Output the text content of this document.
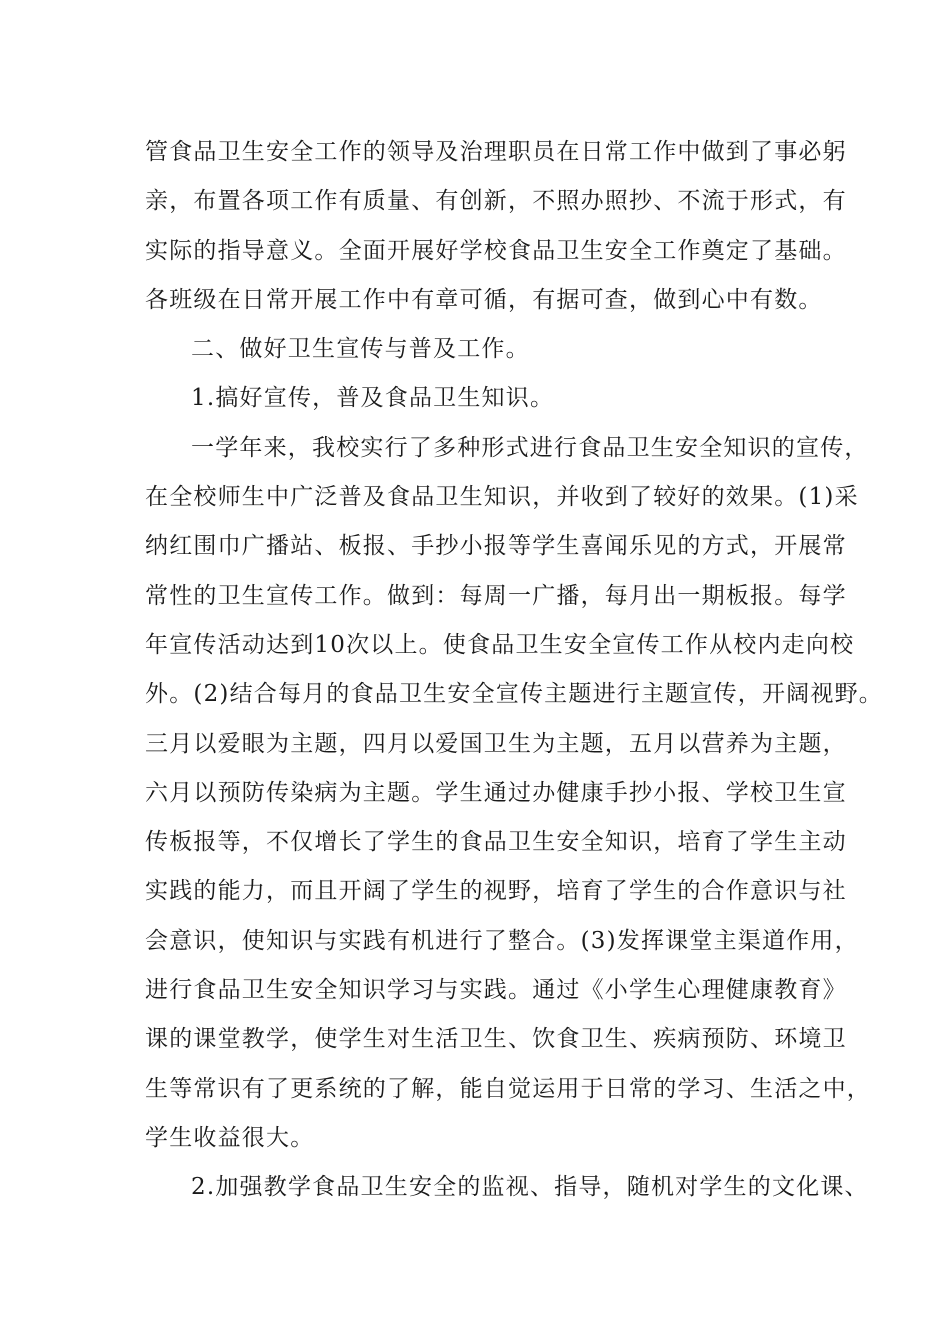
管食品卫生安全工作的领导及治理职员在日常工作中做到了事必躬
亲，布置各项工作有质量、有创新，不照办照抄、不流于形式，有
实际的指导意义。全面开展好学校食品卫生安全工作奠定了基础。
各班级在日常开展工作中有章可循，有据可查，做到心中有数。
二、做好卫生宣传与普及工作。
1.搞好宣传，普及食品卫生知识。
一学年来，我校实行了多种形式进行食品卫生安全知识的宣传，
在全校师生中广泛普及食品卫生知识，并收到了较好的效果。(1)采
纳红围巾广播站、板报、手抄小报等学生喜闻乐见的方式，开展常
常性的卫生宣传工作。做到：每周一广播，每月出一期板报。每学
年宣传活动达到10次以上。使食品卫生安全宣传工作从校内走向校
外。(2)结合每月的食品卫生安全宣传主题进行主题宣传，开阔视野。
三月以爱眼为主题，四月以爱国卫生为主题，五月以营养为主题，
六月以预防传染病为主题。学生通过办健康手抄小报、学校卫生宣
传板报等，不仅增长了学生的食品卫生安全知识，培育了学生主动
实践的能力，而且开阔了学生的视野，培育了学生的合作意识与社
会意识，使知识与实践有机进行了整合。(3)发挥课堂主渠道作用，
进行食品卫生安全知识学习与实践。通过《小学生心理健康教育》
课的课堂教学，使学生对生活卫生、饮食卫生、疾病预防、环境卫
生等常识有了更系统的了解，能自觉运用于日常的学习、生活之中，
学生收益很大。
2.加强教学食品卫生安全的监视、指导，随机对学生的文化课、
